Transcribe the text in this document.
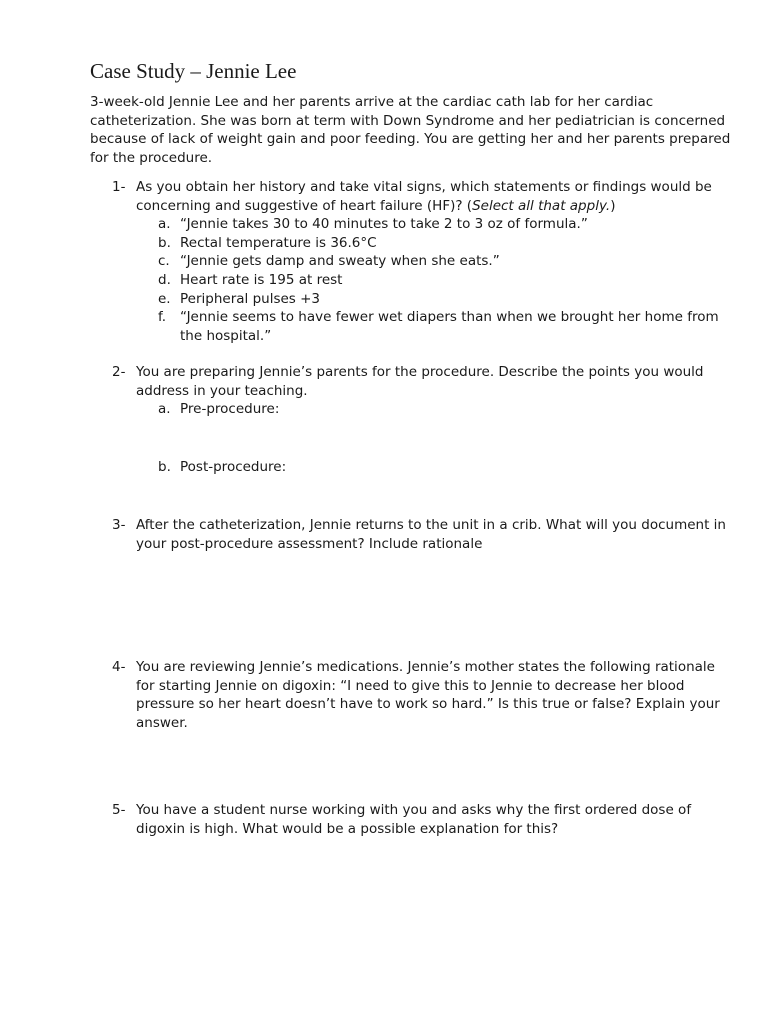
Case Study – Jennie Lee
3-week-old Jennie Lee and her parents arrive at the cardiac cath lab for her cardiac
catheterization. She was born at term with Down Syndrome and her pediatrician is concerned
because of lack of weight gain and poor feeding. You are getting her and her parents prepared
for the procedure.
1- As you obtain her history and take vital signs, which statements or findings would be
concerning and suggestive of heart failure (HF)? (Select all that apply.)
a. “Jennie takes 30 to 40 minutes to take 2 to 3 oz of formula.”
b. Rectal temperature is 36.6°C
c. “Jennie gets damp and sweaty when she eats.”
d. Heart rate is 195 at rest
e. Peripheral pulses +3
f. “Jennie seems to have fewer wet diapers than when we brought her home from
the hospital.”
2- You are preparing Jennie’s parents for the procedure. Describe the points you would
address in your teaching.
a. Pre-procedure:
b. Post-procedure:
3- After the catheterization, Jennie returns to the unit in a crib. What will you document in
your post-procedure assessment? Include rationale
4- You are reviewing Jennie’s medications. Jennie’s mother states the following rationale
for starting Jennie on digoxin: “I need to give this to Jennie to decrease her blood
pressure so her heart doesn’t have to work so hard.” Is this true or false? Explain your
answer.
5- You have a student nurse working with you and asks why the first ordered dose of
digoxin is high. What would be a possible explanation for this?
